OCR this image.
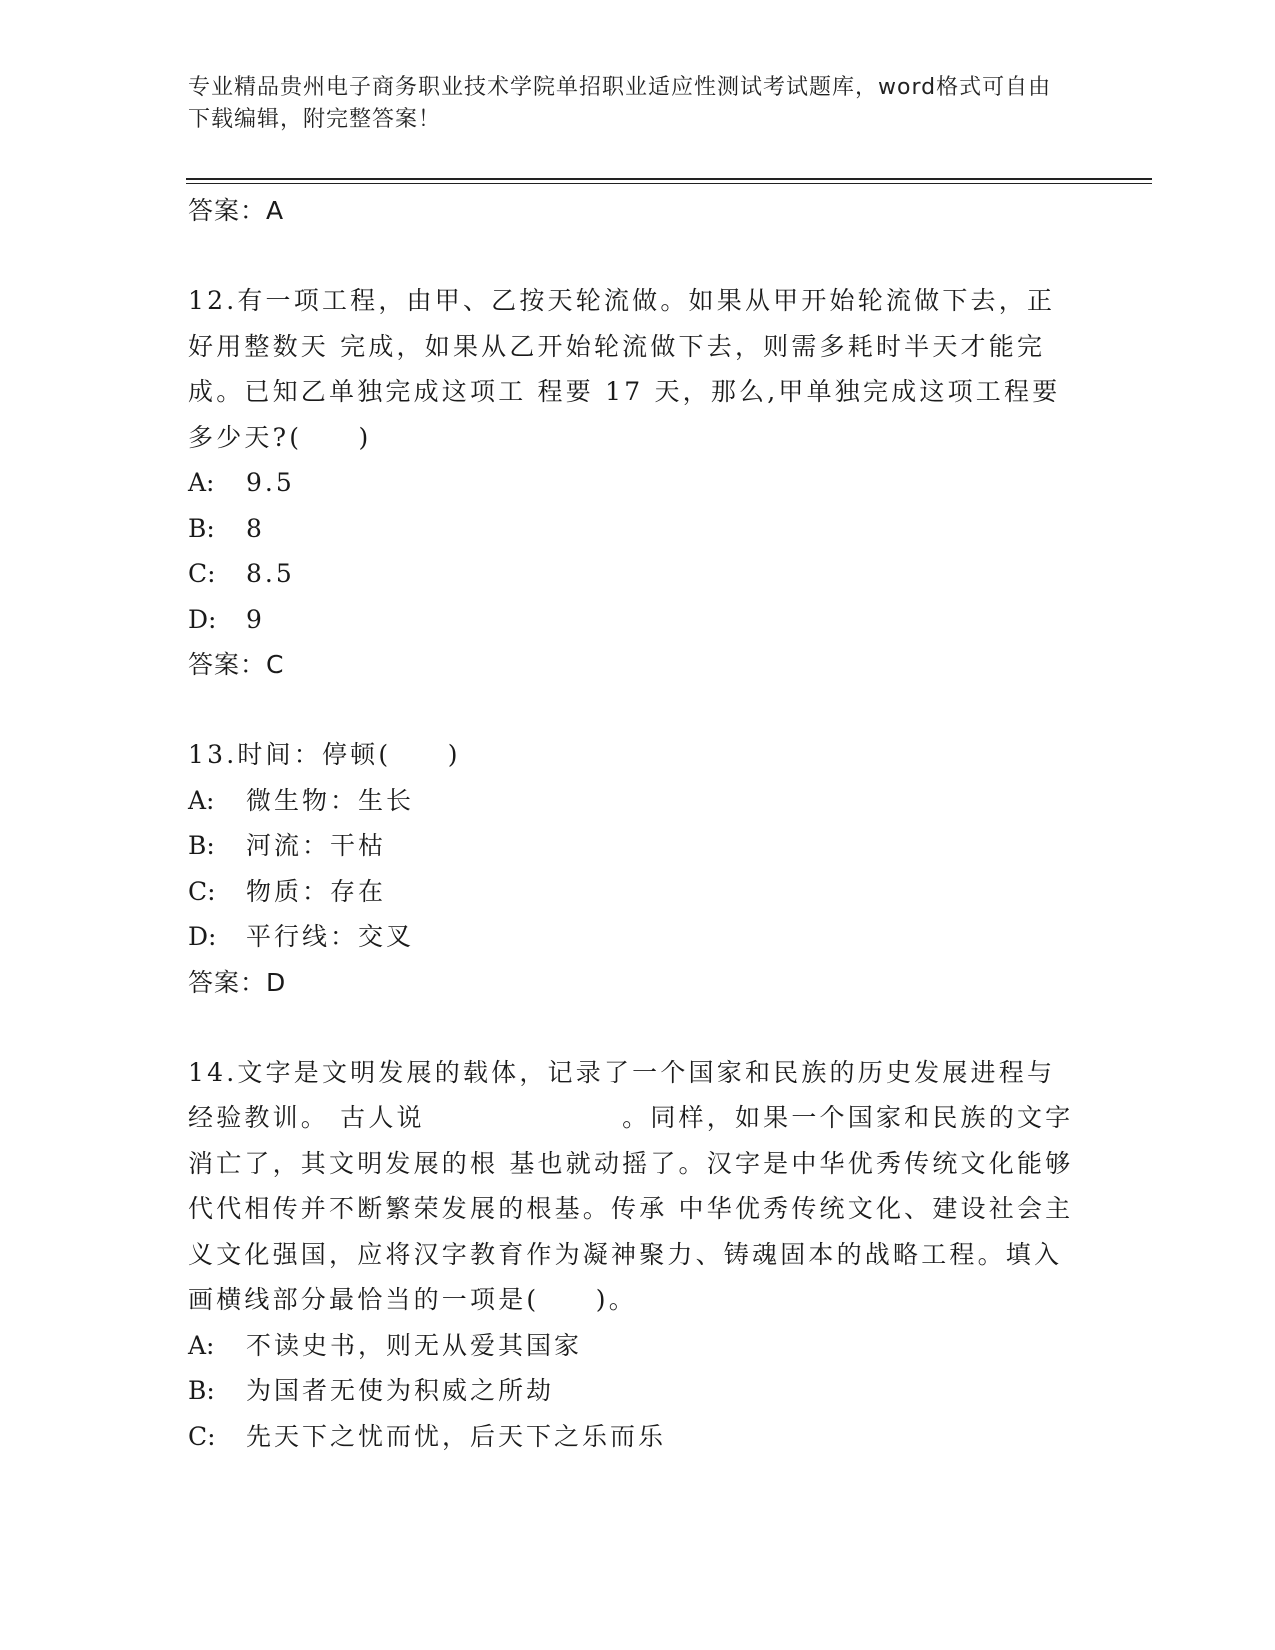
专业精品贵州电子商务职业技术学院单招职业适应性测试考试题库，word格式可自由下载编辑，附完整答案！

答案：A

12.有一项工程，由甲、乙按天轮流做。如果从甲开始轮流做下去，正好用整数天 完成，如果从乙开始轮流做下去，则需多耗时半天才能完成。已知乙单独完成这项工 程要 17 天，那么,甲单独完成这项工程要多少天?(　　)

A: 9.5

B: 8

C: 8.5

D: 9

答案：C

13.时间：停顿(　　)

A: 微生物：生长

B: 河流：干枯

C: 物质：存在

D: 平行线：交叉

答案：D

14.文字是文明发展的载体，记录了一个国家和民族的历史发展进程与经验教训。 古人说　　　　　　　。同样，如果一个国家和民族的文字消亡了，其文明发展的根 基也就动摇了。汉字是中华优秀传统文化能够代代相传并不断繁荣发展的根基。传承 中华优秀传统文化、建设社会主义文化强国，应将汉字教育作为凝神聚力、铸魂固本的战略工程。填入画横线部分最恰当的一项是(　　)。

A: 不读史书，则无从爱其国家

B: 为国者无使为积威之所劫

C: 先天下之忧而忧，后天下之乐而乐
